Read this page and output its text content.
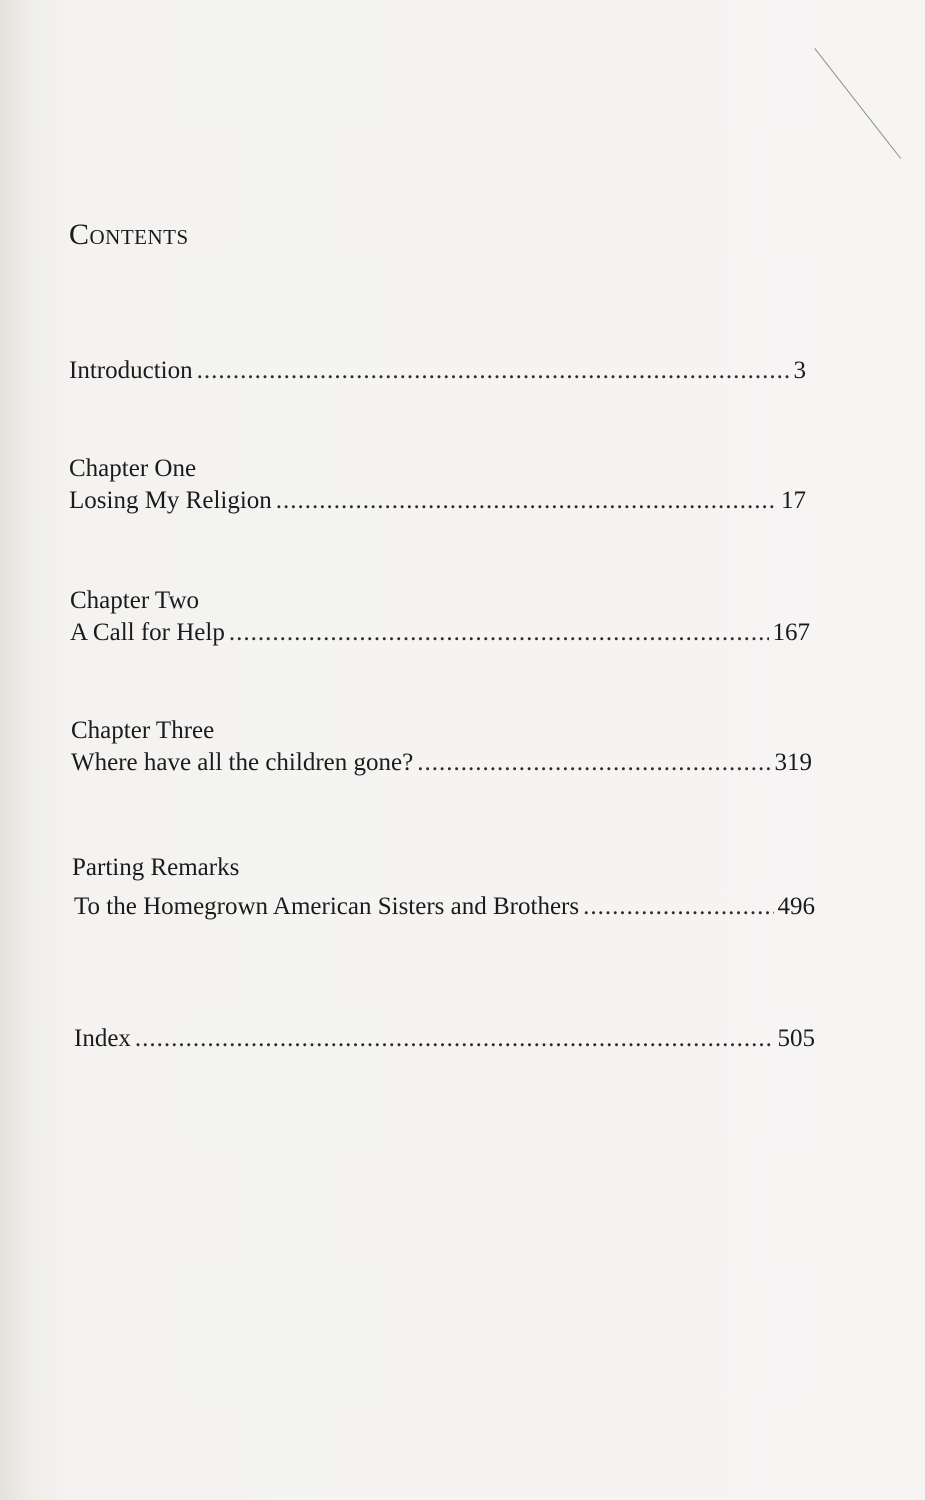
Contents
Introduction .....	3
Chapter One
Losing My Religion .....	17
Chapter Two
A Call for Help .....	167
Chapter Three
Where have all the children gone? .....	319
Parting Remarks
To the Homegrown American Sisters and Brothers .....	496
Index .....	505
